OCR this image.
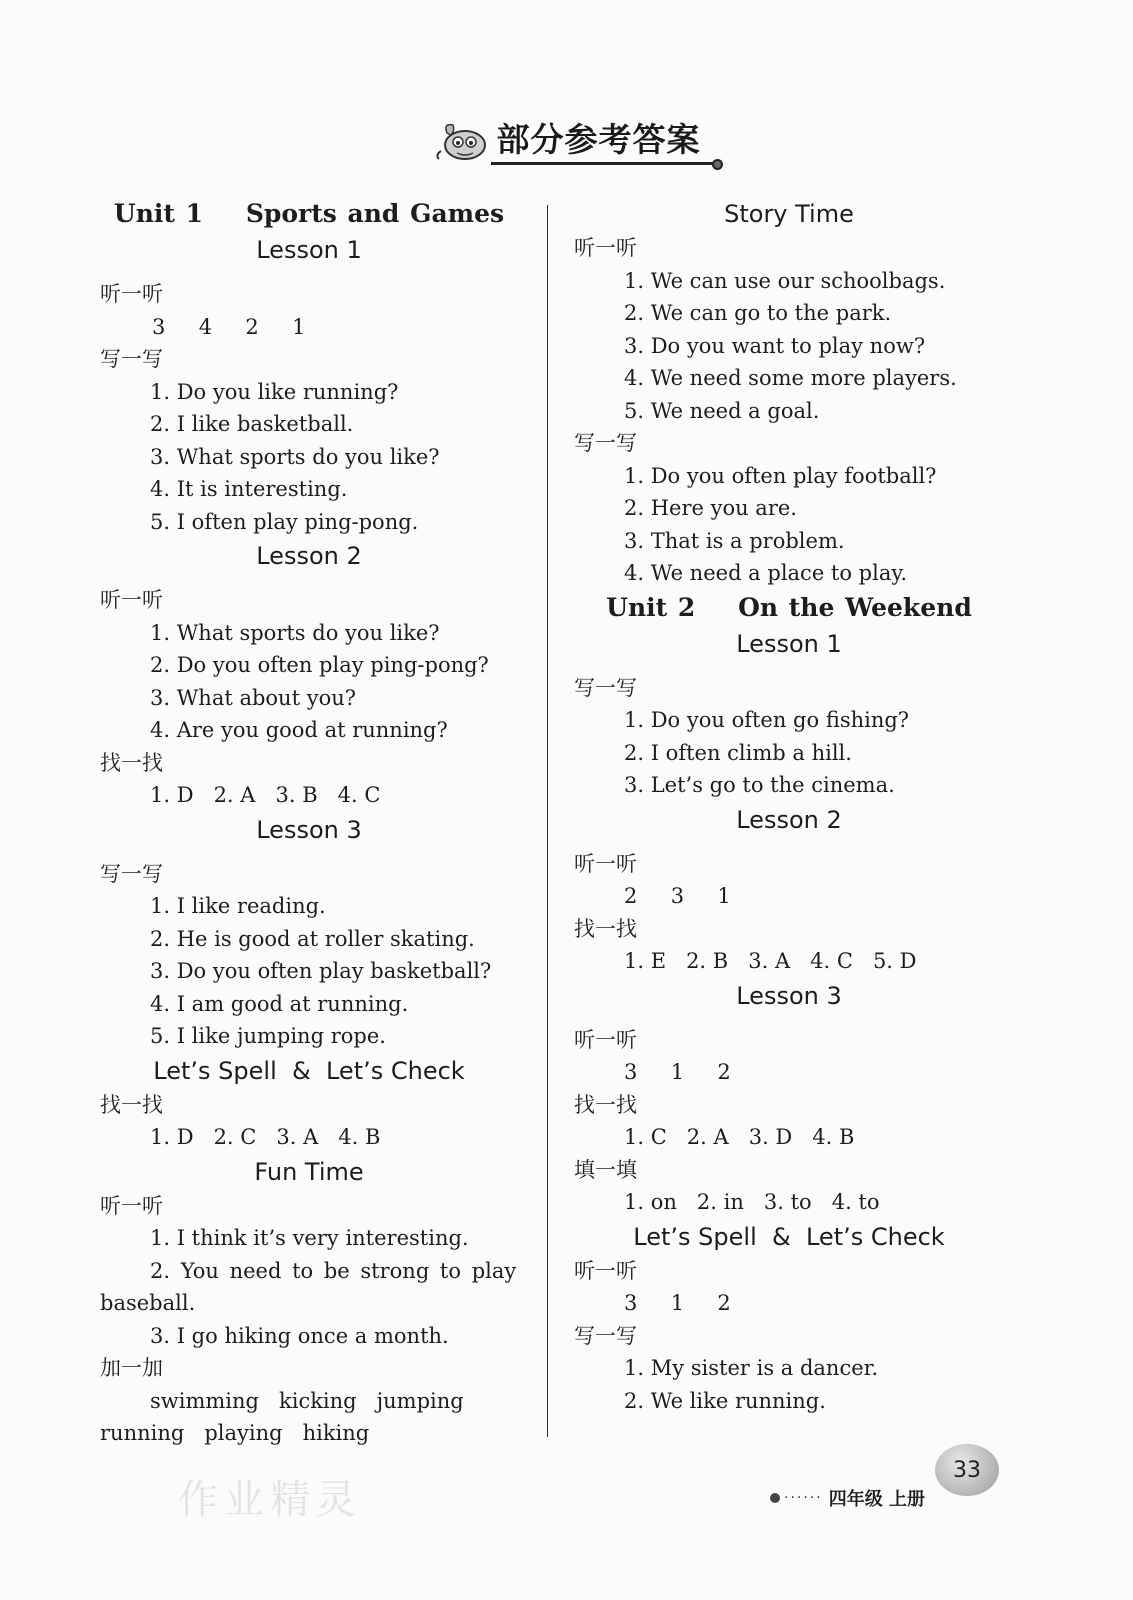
部分参考答案
Unit 1    Sports and Games
Lesson 1
听一听
3  4  2  1
写一写
1. Do you like running?
2. I like basketball.
3. What sports do you like?
4. It is interesting.
5. I often play ping-pong.
Lesson 2
听一听
1. What sports do you like?
2. Do you often play ping-pong?
3. What about you?
4. Are you good at running?
找一找
1. D   2. A   3. B   4. C
Lesson 3
写一写
1. I like reading.
2. He is good at roller skating.
3. Do you often play basketball?
4. I am good at running.
5. I like jumping rope.
Let’s Spell  &  Let’s Check
找一找
1. D   2. C   3. A   4. B
Fun Time
听一听
1. I think it’s very interesting.
2. You need to be strong to play
baseball.
3. I go hiking once a month.
加一加
swimming   kicking   jumping
running   playing   hiking
Story Time
听一听
1. We can use our schoolbags.
2. We can go to the park.
3. Do you want to play now?
4. We need some more players.
5. We need a goal.
写一写
1. Do you often play football?
2. Here you are.
3. That is a problem.
4. We need a place to play.
Unit 2    On the Weekend
Lesson 1
写一写
1. Do you often go fishing?
2. I often climb a hill.
3. Let’s go to the cinema.
Lesson 2
听一听
2  3  1
找一找
1. E   2. B   3. A   4. C   5. D
Lesson 3
听一听
3  1  2
找一找
1. C   2. A   3. D   4. B
填一填
1. on   2. in   3. to   4. to
Let’s Spell  &  Let’s Check
听一听
3  1  2
写一写
1. My sister is a dancer.
2. We like running.
33
······ 四年级 上册
作业精灵
